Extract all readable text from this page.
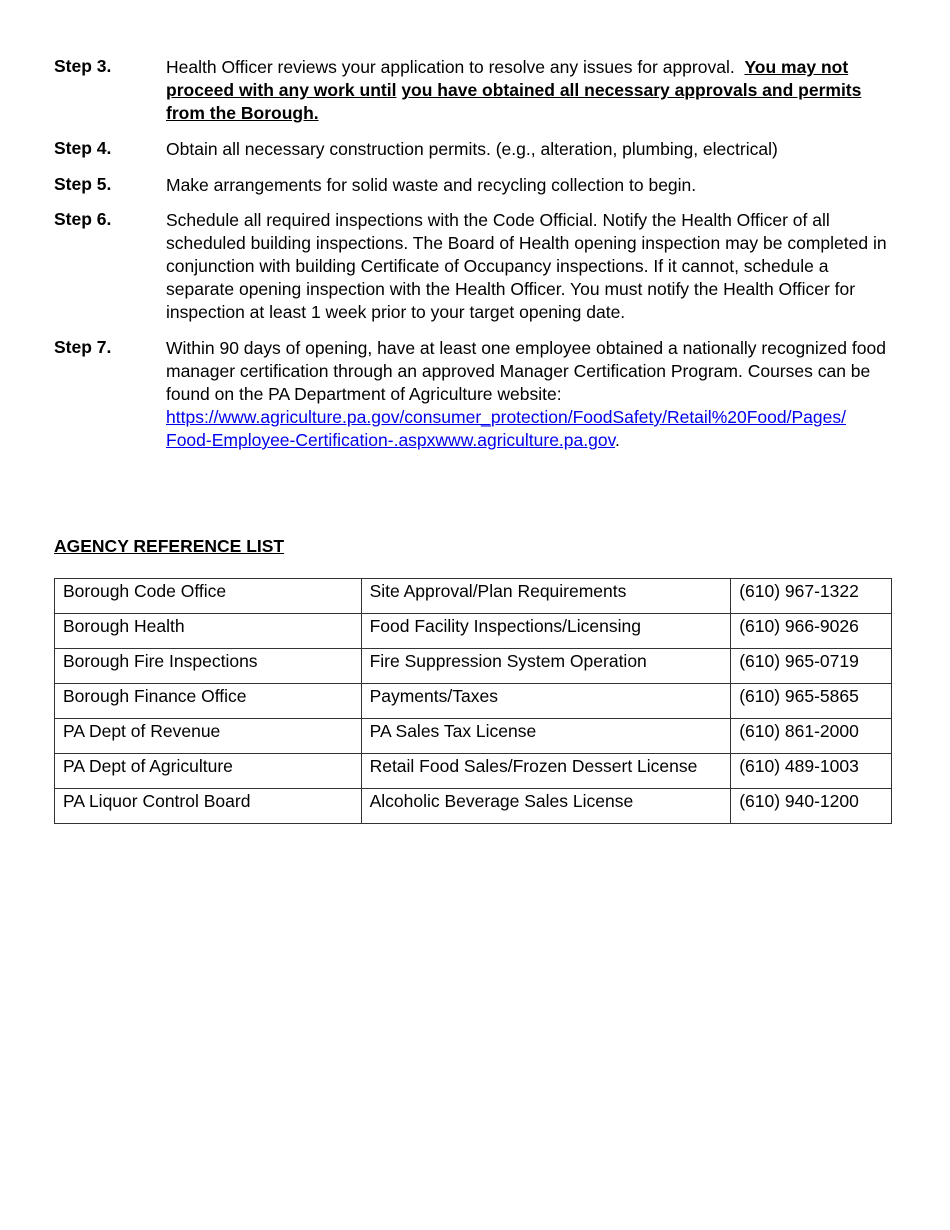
Step 3.	Health Officer reviews your application to resolve any issues for approval. You may not proceed with any work until you have obtained all necessary approvals and permits from the Borough.
Step 4.	Obtain all necessary construction permits. (e.g., alteration, plumbing, electrical)
Step 5.	Make arrangements for solid waste and recycling collection to begin.
Step 6.	Schedule all required inspections with the Code Official. Notify the Health Officer of all scheduled building inspections. The Board of Health opening inspection may be completed in conjunction with building Certificate of Occupancy inspections. If it cannot, schedule a separate opening inspection with the Health Officer. You must notify the Health Officer for inspection at least 1 week prior to your target opening date.
Step 7.	Within 90 days of opening, have at least one employee obtained a nationally recognized food manager certification through an approved Manager Certification Program. Courses can be found on the PA Department of Agriculture website:
https://www.agriculture.pa.gov/consumer_protection/FoodSafety/Retail%20Food/Pages/
Food-Employee-Certification-.aspxwww.agriculture.pa.gov.
AGENCY REFERENCE LIST
Borough Code Office	Site Approval/Plan Requirements	(610) 967-1322
Borough Health	Food Facility Inspections/Licensing	(610) 966-9026
Borough Fire Inspections	Fire Suppression System Operation	(610) 965-0719
Borough Finance Office	Payments/Taxes	(610) 965-5865
PA Dept of Revenue	PA Sales Tax License	(610) 861-2000
PA Dept of Agriculture	Retail Food Sales/Frozen Dessert License	(610) 489-1003
PA Liquor Control Board	Alcoholic Beverage Sales License	(610) 940-1200
